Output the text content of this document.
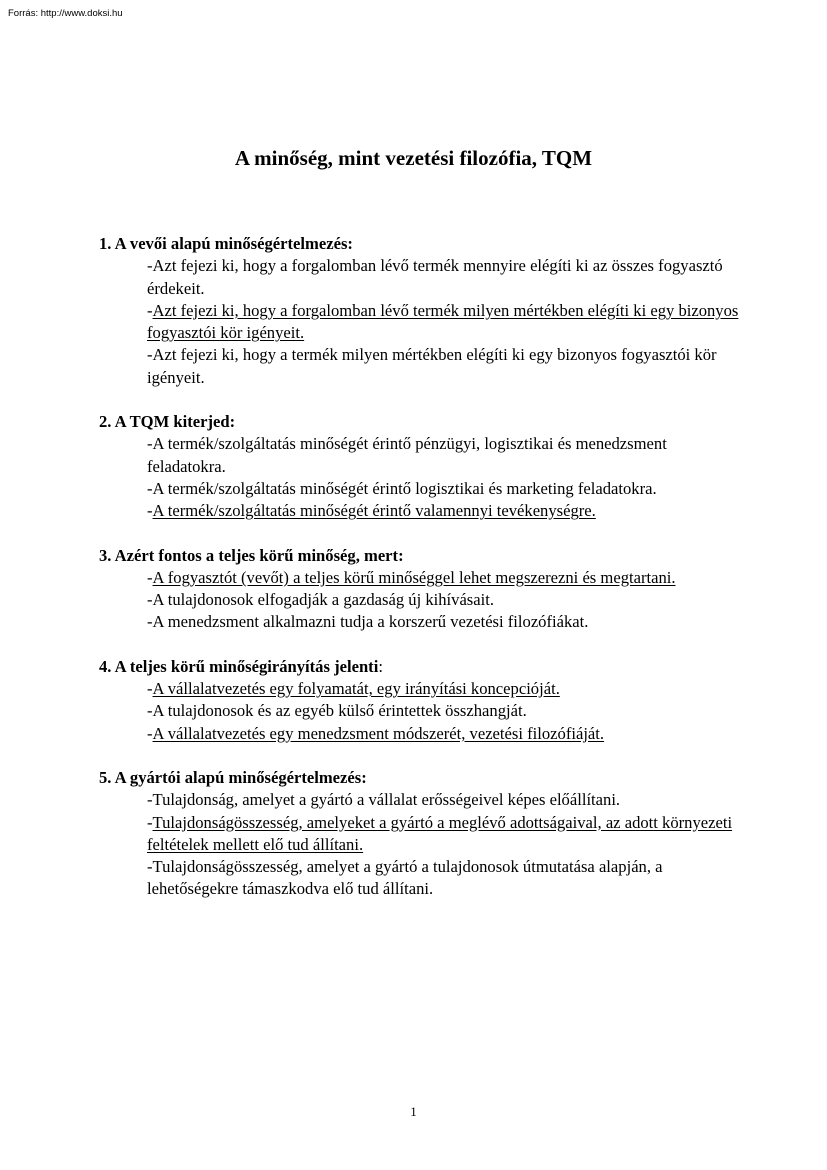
Forrás: http://www.doksi.hu
A minőség, mint vezetési filozófia, TQM
1. A vevői alapú minőségértelmezés:
-Azt fejezi ki, hogy a forgalomban lévő termék mennyire elégíti ki az összes fogyasztó érdekeit.
-Azt fejezi ki, hogy a forgalomban lévő termék milyen mértékben elégíti ki egy bizonyos fogyasztói kör igényeit.
-Azt fejezi ki, hogy a termék milyen mértékben elégíti ki egy bizonyos fogyasztói kör igényeit.
2. A TQM kiterjed:
-A termék/szolgáltatás minőségét érintő pénzügyi, logisztikai és menedzsment feladatokra.
-A termék/szolgáltatás minőségét érintő logisztikai és marketing feladatokra.
-A termék/szolgáltatás minőségét érintő valamennyi tevékenységre.
3. Azért fontos a teljes körű minőség, mert:
-A fogyasztót (vevőt) a teljes körű minőséggel lehet megszerezni és megtartani.
-A tulajdonosok elfogadják a gazdaság új kihívásait.
-A menedzsment alkalmazni tudja a korszerű vezetési filozófiákat.
4. A teljes körű minőségirányítás jelenti:
-A vállalatvezetés egy folyamatát, egy irányítási koncepcióját.
-A tulajdonosok és az egyéb külső érintettek összhangját.
-A vállalatvezetés egy menedzsment módszerét, vezetési filozófiáját.
5. A gyártói alapú minőségértelmezés:
-Tulajdonság, amelyet a gyártó a vállalat erősségeivel képes előállítani.
-Tulajdonságösszesség, amelyeket a gyártó a meglévő adottságaival, az adott környezeti feltételek mellett elő tud állítani.
-Tulajdonságösszesség, amelyet a gyártó a tulajdonosok útmutatása alapján, a lehetőségekre támaszkodva elő tud állítani.
1
